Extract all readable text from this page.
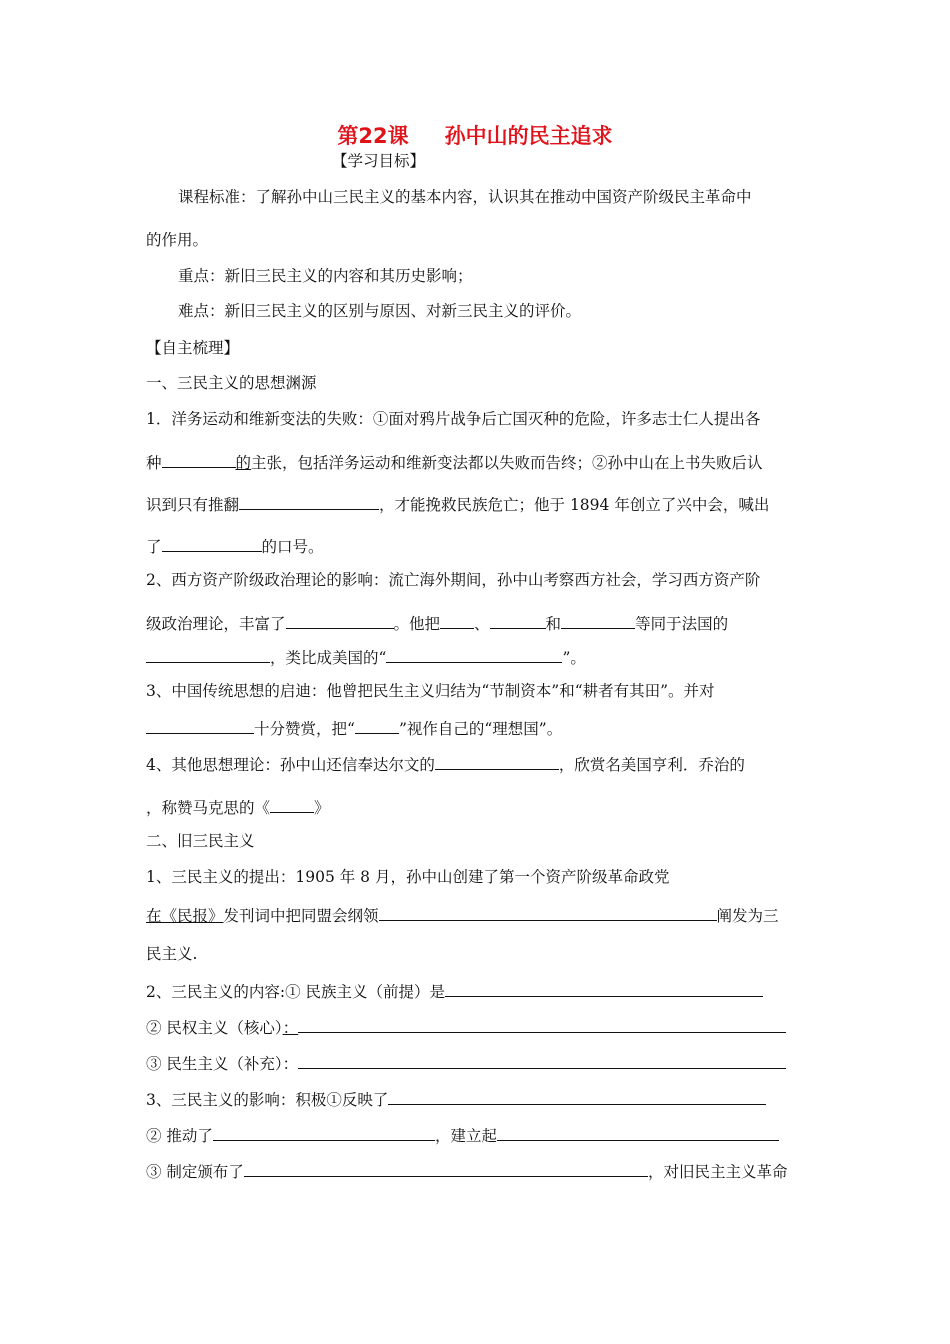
第22课 孙中山的民主追求
【学习目标】
课程标准：了解孙中山三民主义的基本内容，认识其在推动中国资产阶级民主革命中
的作用。
重点：新旧三民主义的内容和其历史影响；
难点：新旧三民主义的区别与原因、对新三民主义的评价。
【自主梳理】
一、三民主义的思想渊源
1．洋务运动和维新变法的失败：①面对鸦片战争后亡国灭种的危险，许多志士仁人提出各
种	的主张，包括洋务运动和维新变法都以失败而告终；②孙中山在上书失败后认
识到只有推翻	，才能挽救民族危亡；他于 1894 年创立了兴中会，喊出
了	的口号。
2、西方资产阶级政治理论的影响：流亡海外期间，孙中山考察西方社会，学习西方资产阶
级政治理论，丰富了	。他把 、	和	等同于法国的
，类比成美国的“	”。
3、中国传统思想的启迪：他曾把民生主义归结为“节制资本”和“耕者有其田”。并对
十分赞赏，把“	”视作自己的“理想国”。
4、其他思想理论：孙中山还信奉达尔文的	，欣赏名美国亨利．乔治的
，称赞马克思的《	》
二、旧三民主义
1、三民主义的提出：1905 年 8 月，孙中山创建了第一个资产阶级革命政党
在《民报》发刊词中把同盟会纲领	阐发为三
民主义.
2、三民主义的内容:① 民族主义（前提）是
② 民权主义（核心）：
③ 民生主义（补充）：
3、三民主义的影响：积极①反映了
② 推动了	，建立起
③ 制定颁布了	，对旧民主主义革命
